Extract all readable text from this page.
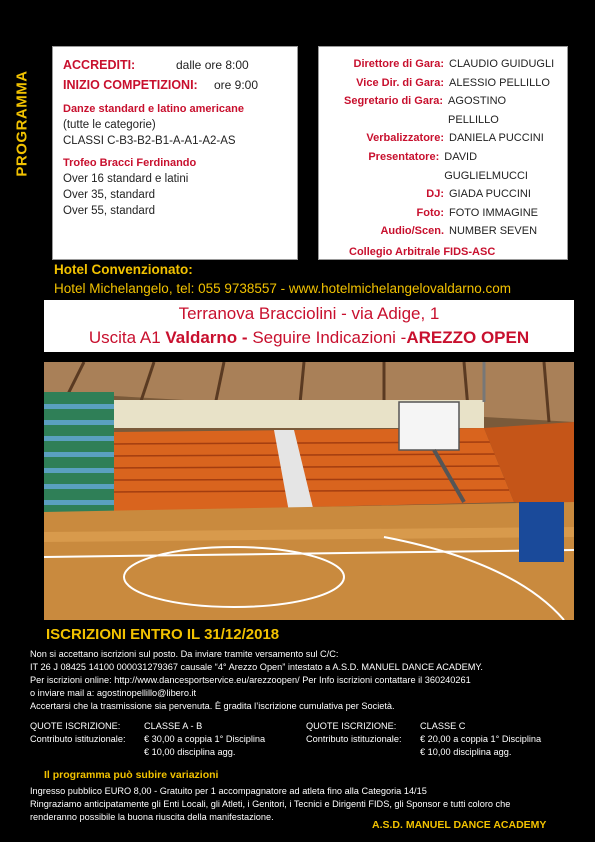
PROGRAMMA
ACCREDITI:	dalle ore 8:00
INIZIO COMPETIZIONI:	ore 9:00
Danze standard e latino americane
(tutte le categorie)
CLASSI C-B3-B2-B1-A-A1-A2-AS
Trofeo Bracci Ferdinando
Over 16 standard e latini
Over 35, standard
Over 55, standard
Direttore di Gara: CLAUDIO GUIDUGLI
Vice Dir. di Gara: ALESSIO PELLILLO
Segretario di Gara: AGOSTINO PELLILLO
Verbalizzatore: DANIELA PUCCINI
Presentatore: DAVID GUGLIELMUCCI
DJ: GIADA PUCCINI
Foto: FOTO IMMAGINE
Audio/Scen. NUMBER SEVEN
Collegio Arbitrale FIDS-ASC
Hotel Convenzionato:
Hotel Michelangelo, tel: 055 9738557 - www.hotelmichelangelovaldarno.com
Terranova Bracciolini - via Adige, 1
Uscita A1 Valdarno - Seguire Indicazioni -AREZZO OPEN
ISCRIZIONI ENTRO IL 31/12/2018
Non si accettano iscrizioni sul posto. Da inviare tramite versamento sul C/C:
IT 26 J 08425 14100 000031279367 causale “4° Arezzo Open” intestato a A.S.D. MANUEL DANCE ACADEMY.
Per iscrizioni online: http://www.dancesportservice.eu/arezzoopen/ Per Info iscrizioni contattare il 360240261
o inviare mail a: agostinopellillo@libero.it
Accertarsi che la trasmissione sia pervenuta. È gradita l’iscrizione cumulativa per Società.
QUOTE ISCRIZIONE:	CLASSE A - B
Contributo istituzionale:	€ 30,00 a coppia 1° Disciplina
€ 10,00 disciplina agg.
QUOTE ISCRIZIONE:	CLASSE C
Contributo istituzionale:	€ 20,00 a coppia 1° Disciplina
€ 10,00 disciplina agg.
Il programma può subire variazioni
Ingresso pubblico EURO 8,00 - Gratuito per 1 accompagnatore ad atleta fino alla Categoria 14/15
Ringraziamo anticipatamente gli Enti Locali, gli Atleti, i Genitori, i Tecnici e Dirigenti FIDS, gli Sponsor e tutti coloro che
renderanno possibile la buona riuscita della manifestazione.
A.S.D. MANUEL DANCE ACADEMY
